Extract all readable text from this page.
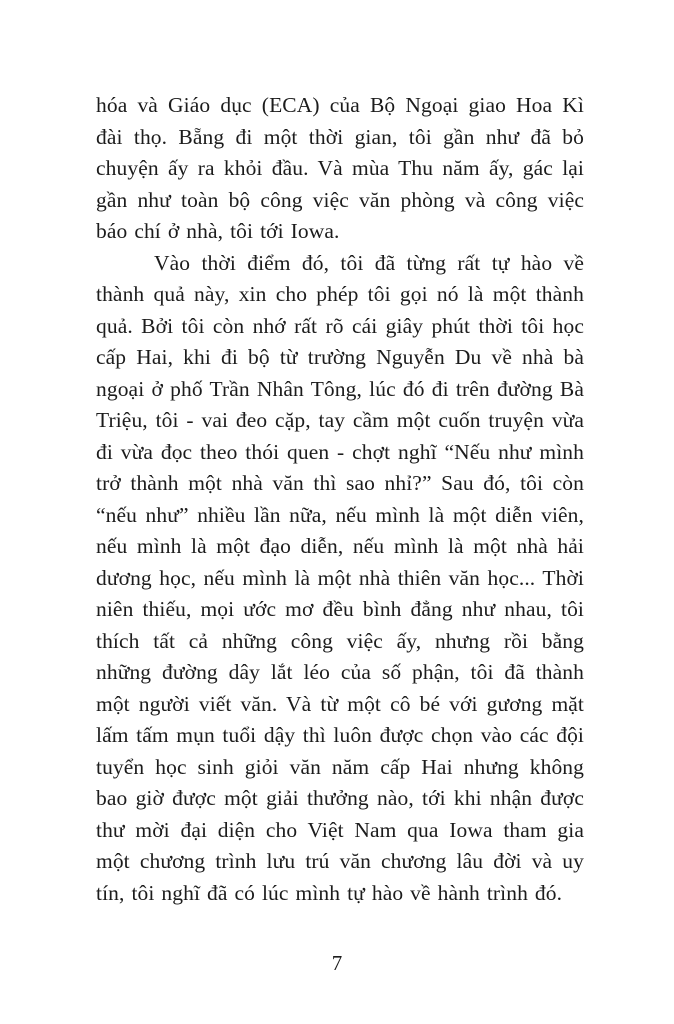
hóa và Giáo dục (ECA) của Bộ Ngoại giao Hoa Kì đài thọ. Bẵng đi một thời gian, tôi gần như đã bỏ chuyện ấy ra khỏi đầu. Và mùa Thu năm ấy, gác lại gần như toàn bộ công việc văn phòng và công việc báo chí ở nhà, tôi tới Iowa.

Vào thời điểm đó, tôi đã từng rất tự hào về thành quả này, xin cho phép tôi gọi nó là một thành quả. Bởi tôi còn nhớ rất rõ cái giây phút thời tôi học cấp Hai, khi đi bộ từ trường Nguyễn Du về nhà bà ngoại ở phố Trần Nhân Tông, lúc đó đi trên đường Bà Triệu, tôi - vai đeo cặp, tay cầm một cuốn truyện vừa đi vừa đọc theo thói quen - chợt nghĩ “Nếu như mình trở thành một nhà văn thì sao nhỉ?” Sau đó, tôi còn “nếu như” nhiều lần nữa, nếu mình là một diễn viên, nếu mình là một đạo diễn, nếu mình là một nhà hải dương học, nếu mình là một nhà thiên văn học... Thời niên thiếu, mọi ước mơ đều bình đẳng như nhau, tôi thích tất cả những công việc ấy, nhưng rồi bằng những đường dây lắt léo của số phận, tôi đã thành một người viết văn. Và từ một cô bé với gương mặt lấm tấm mụn tuổi dậy thì luôn được chọn vào các đội tuyển học sinh giỏi văn năm cấp Hai nhưng không bao giờ được một giải thưởng nào, tới khi nhận được thư mời đại diện cho Việt Nam qua Iowa tham gia một chương trình lưu trú văn chương lâu đời và uy tín, tôi nghĩ đã có lúc mình tự hào về hành trình đó.

7
